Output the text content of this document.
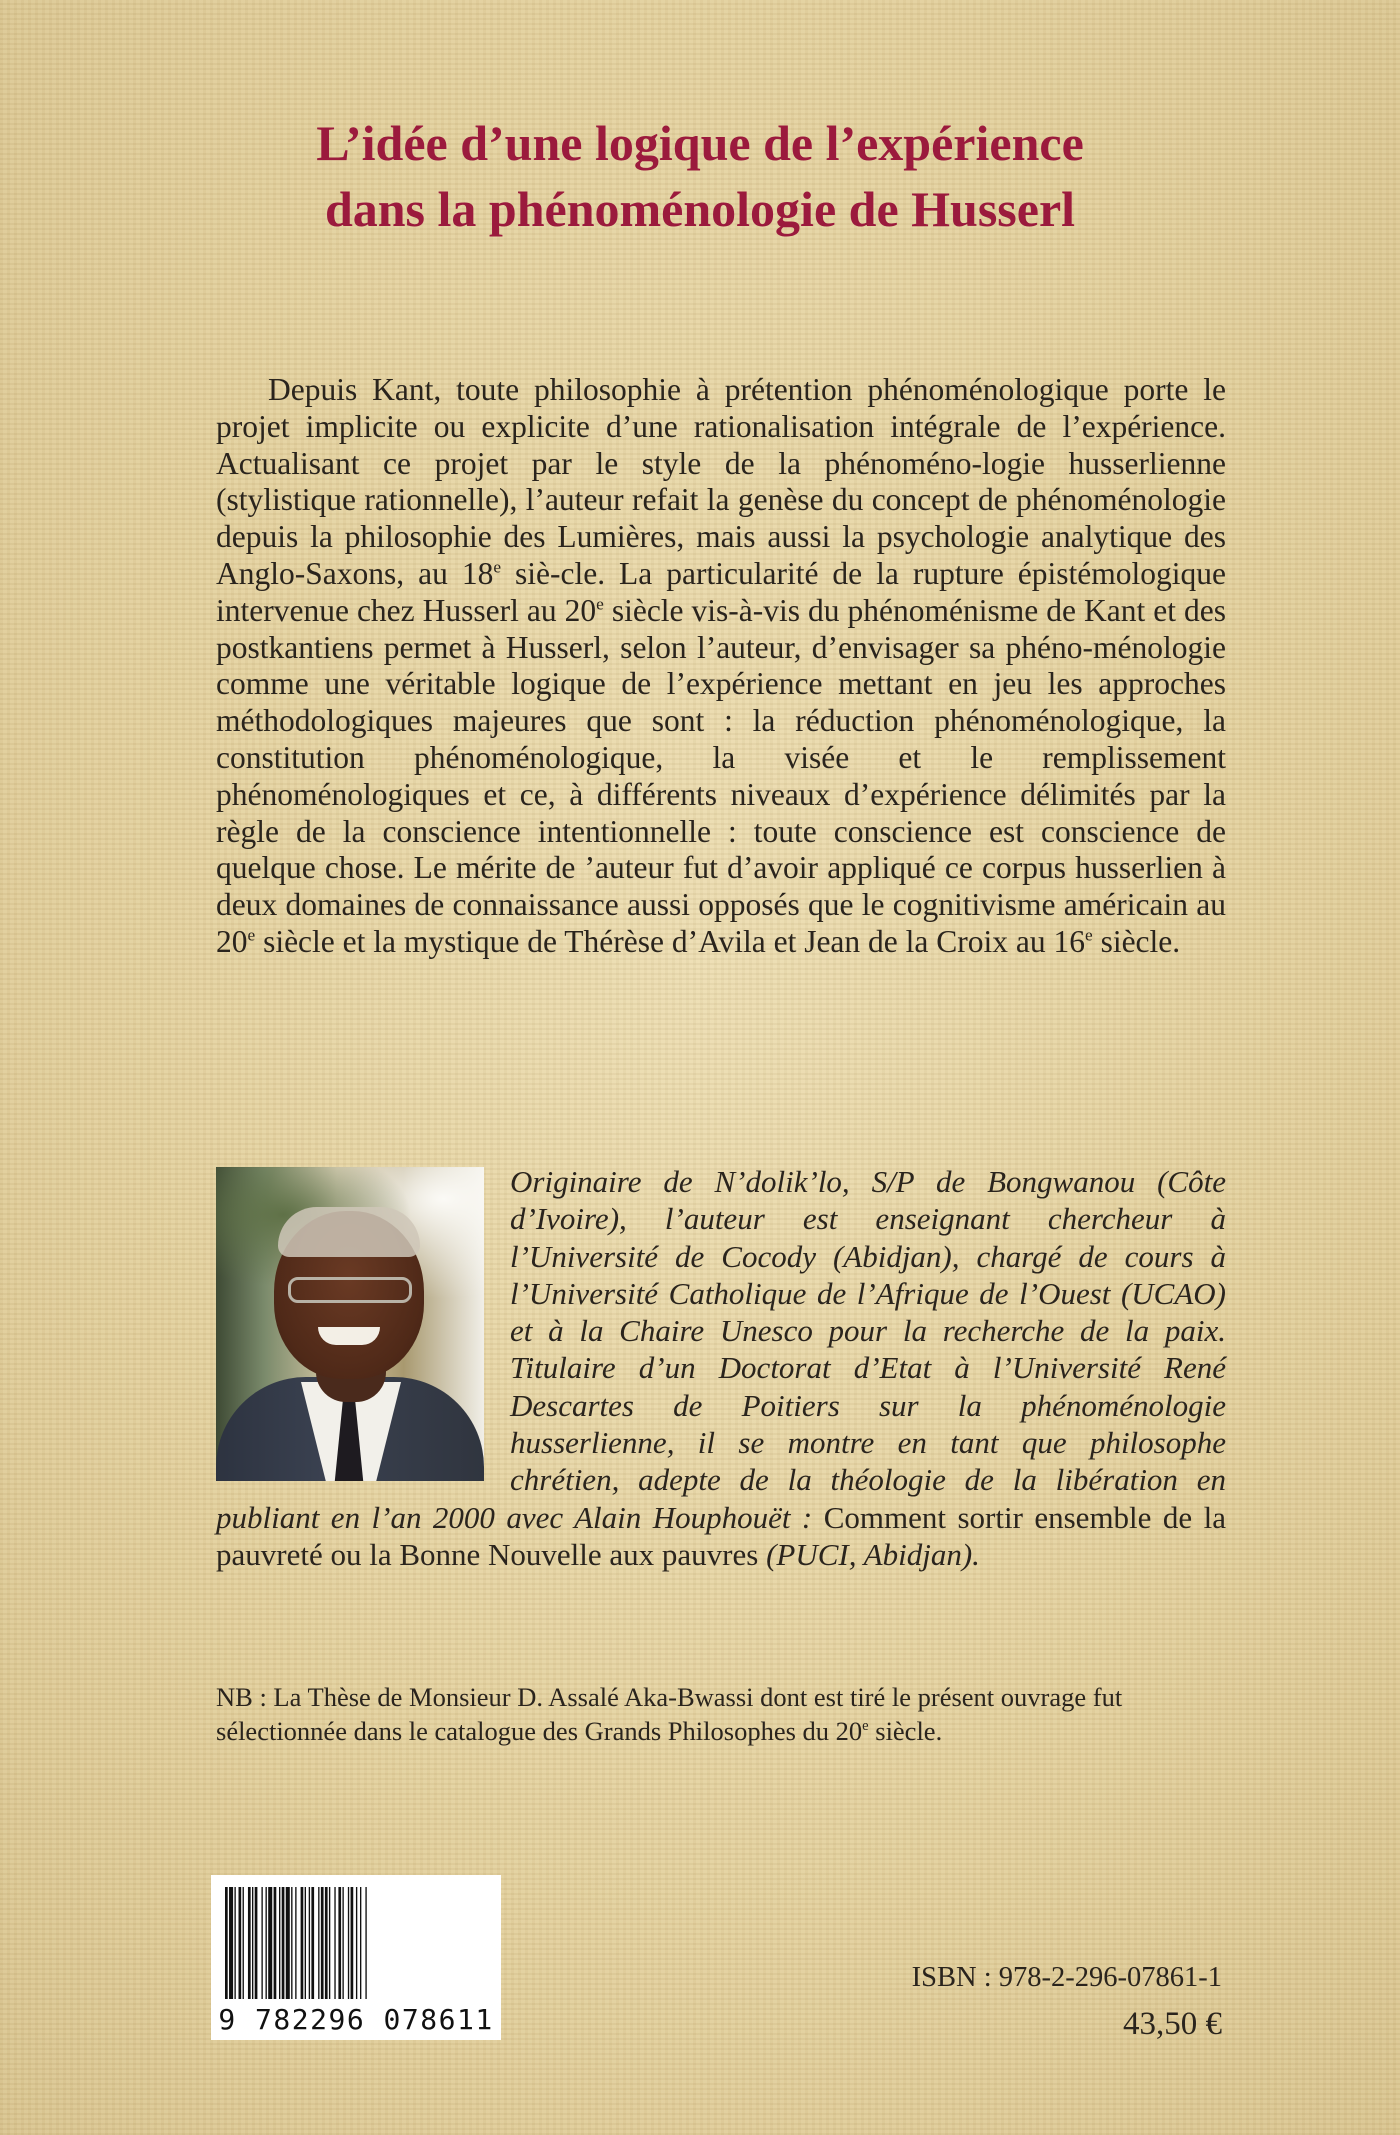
L’idée d’une logique de l’expérience
dans la phénoménologie de Husserl

Depuis Kant, toute philosophie à prétention phénoménologique porte le projet implicite ou explicite d’une rationalisation intégrale de l’expérience. Actualisant ce projet par le style de la phénoméno-logie husserlienne (stylistique rationnelle), l’auteur refait la genèse du concept de phénoménologie depuis la philosophie des Lumières, mais aussi la psychologie analytique des Anglo-Saxons, au 18e siè-cle. La particularité de la rupture épistémologique intervenue chez Husserl au 20e siècle vis-à-vis du phénoménisme de Kant et des postkantiens permet à Husserl, selon l’auteur, d’envisager sa phéno-ménologie comme une véritable logique de l’expérience mettant en jeu les approches méthodologiques majeures que sont : la réduction phénoménologique, la constitution phénoménologique, la visée et le remplissement phénoménologiques et ce, à différents niveaux d’expérience délimités par la règle de la conscience intentionnelle : toute conscience est conscience de quelque chose. Le mérite de ’auteur fut d’avoir appliqué ce corpus husserlien à deux domaines de connaissance aussi opposés que le cognitivisme américain au 20e siècle et la mystique de Thérèse d’Avila et Jean de la Croix au 16e siècle.

Originaire de N’dolik’lo, S/P de Bongwanou (Côte d’Ivoire), l’auteur est enseignant chercheur à l’Université de Cocody (Abidjan), chargé de cours à l’Université Catholique de l’Afrique de l’Ouest (UCAO) et à la Chaire Unesco pour la recherche de la paix. Titulaire d’un Doctorat d’Etat à l’Université René Descartes de Poitiers sur la phénoménologie husserlienne, il se montre en tant que philosophe chrétien, adepte de la théologie de la libération en publiant en l’an 2000 avec Alain Houphouët : Comment sortir ensemble de la pauvreté ou la Bonne Nouvelle aux pauvres (PUCI, Abidjan).

NB : La Thèse de Monsieur D. Assalé Aka-Bwassi dont est tiré le présent ouvrage fut sélectionnée dans le catalogue des Grands Philosophes du 20e siècle.

9 782296 078611

ISBN : 978-2-296-07861-1

43,50 €
